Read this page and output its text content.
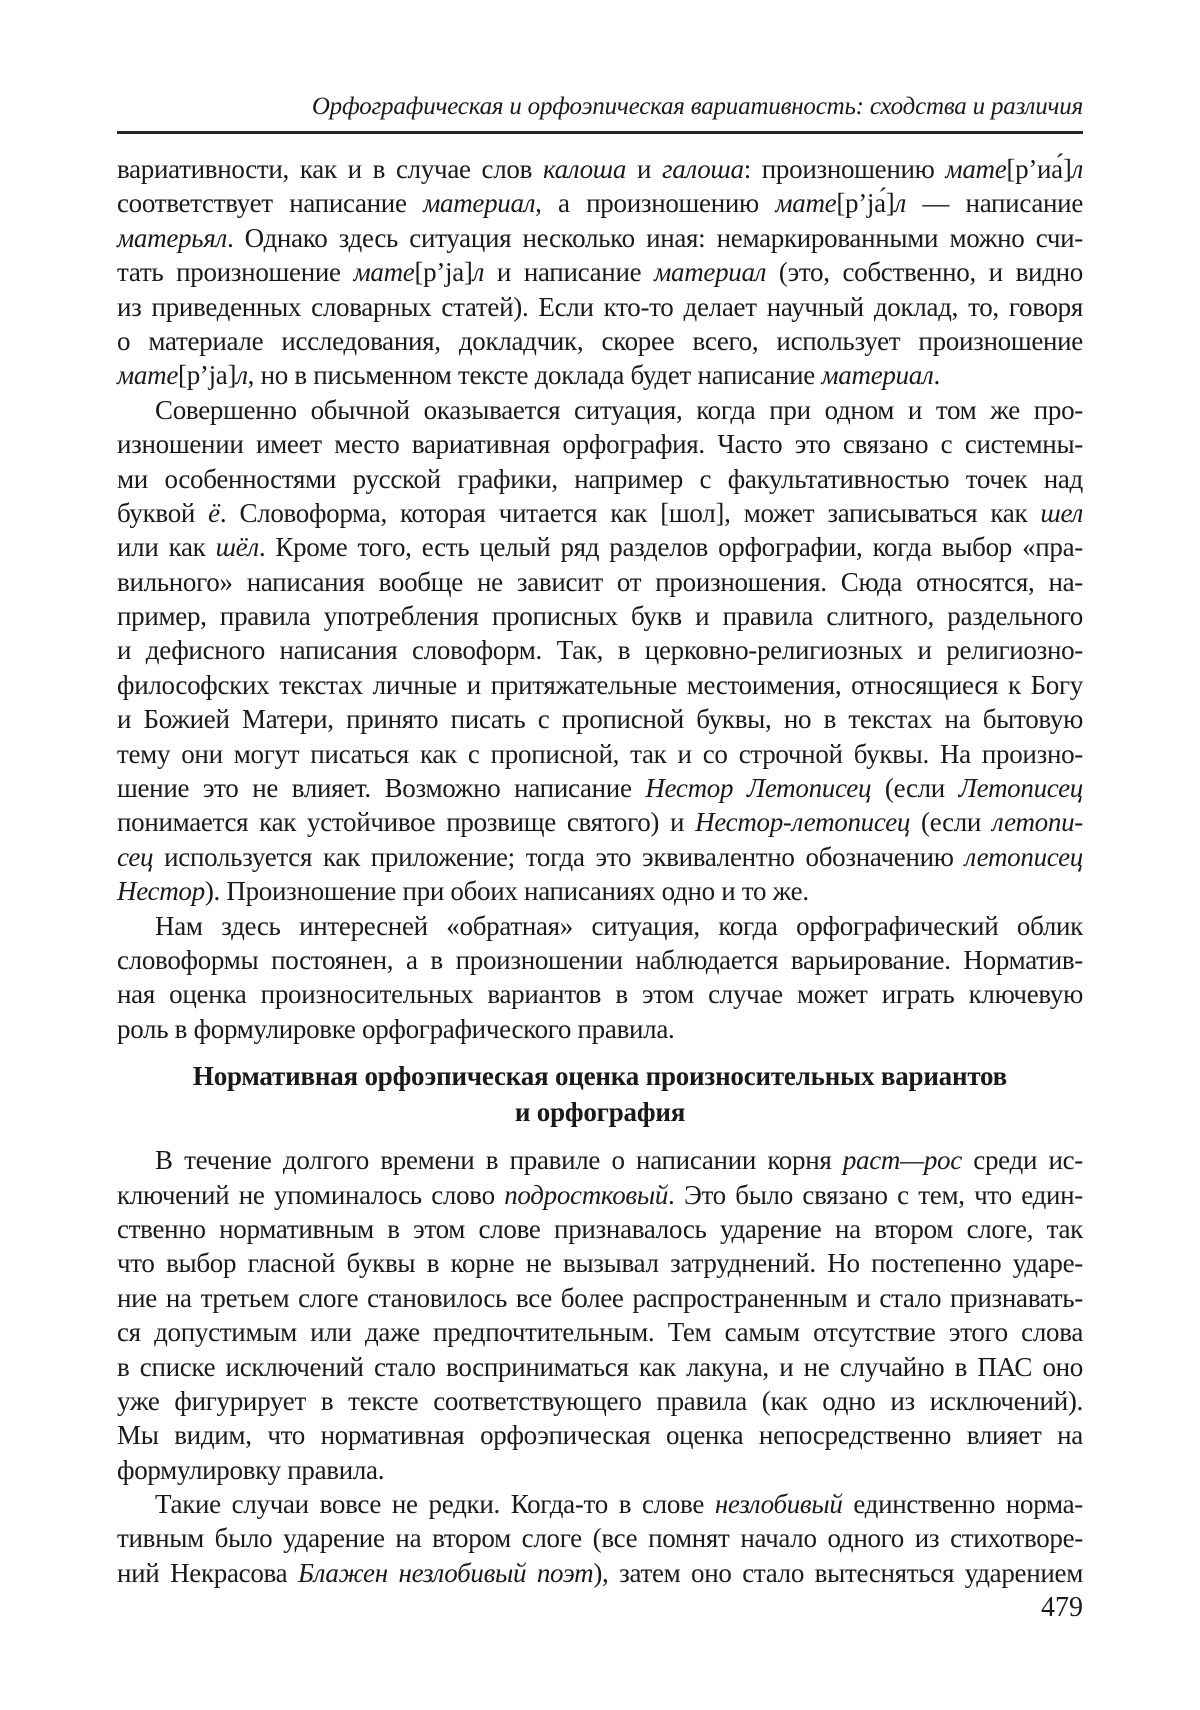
Орфографическая и орфоэпическая вариативность: сходства и различия
вариативности, как и в случае слов калоша и галоша: произношению мате[р’иа́]л
соответствует написание материал, а произношению мате[р’jа́]л — написание
матерьял. Однако здесь ситуация несколько иная: немаркированными можно счи-
тать произношение мате[р’jа]л и написание материал (это, собственно, и видно
из приведенных словарных статей). Если кто-то делает научный доклад, то, говоря
о материале исследования, докладчик, скорее всего, использует произношение
мате[р’jа]л, но в письменном тексте доклада будет написание материал.
Совершенно обычной оказывается ситуация, когда при одном и том же про-
изношении имеет место вариативная орфография. Часто это связано с системны-
ми особенностями русской графики, например с факультативностью точек над
буквой ё. Словоформа, которая читается как [шол], может записываться как шел
или как шёл. Кроме того, есть целый ряд разделов орфографии, когда выбор «пра-
вильного» написания вообще не зависит от произношения. Сюда относятся, на-
пример, правила употребления прописных букв и правила слитного, раздельного
и дефисного написания словоформ. Так, в церковно-религиозных и религиозно-
философских текстах личные и притяжательные местоимения, относящиеся к Богу
и Божией Матери, принято писать с прописной буквы, но в текстах на бытовую
тему они могут писаться как с прописной, так и со строчной буквы. На произно-
шение это не влияет. Возможно написание Нестор Летописец (если Летописец
понимается как устойчивое прозвище святого) и Нестор-летописец (если летопи-
сец используется как приложение; тогда это эквивалентно обозначению летописец
Нестор). Произношение при обоих написаниях одно и то же.
Нам здесь интересней «обратная» ситуация, когда орфографический облик
словоформы постоянен, а в произношении наблюдается варьирование. Норматив-
ная оценка произносительных вариантов в этом случае может играть ключевую
роль в формулировке орфографического правила.
Нормативная орфоэпическая оценка произносительных вариантов
и орфография
В течение долгого времени в правиле о написании корня раст—рос среди ис-
ключений не упоминалось слово подростковый. Это было связано с тем, что един-
ственно нормативным в этом слове признавалось ударение на втором слоге, так
что выбор гласной буквы в корне не вызывал затруднений. Но постепенно ударе-
ние на третьем слоге становилось все более распространенным и стало признавать-
ся допустимым или даже предпочтительным. Тем самым отсутствие этого слова
в списке исключений стало восприниматься как лакуна, и не случайно в ПАС оно
уже фигурирует в тексте соответствующего правила (как одно из исключений).
Мы видим, что нормативная орфоэпическая оценка непосредственно влияет на
формулировку правила.
Такие случаи вовсе не редки. Когда-то в слове незлобивый единственно норма-
тивным было ударение на втором слоге (все помнят начало одного из стихотворе-
ний Некрасова Блажен незлобивый поэт), затем оно стало вытесняться ударением
479
